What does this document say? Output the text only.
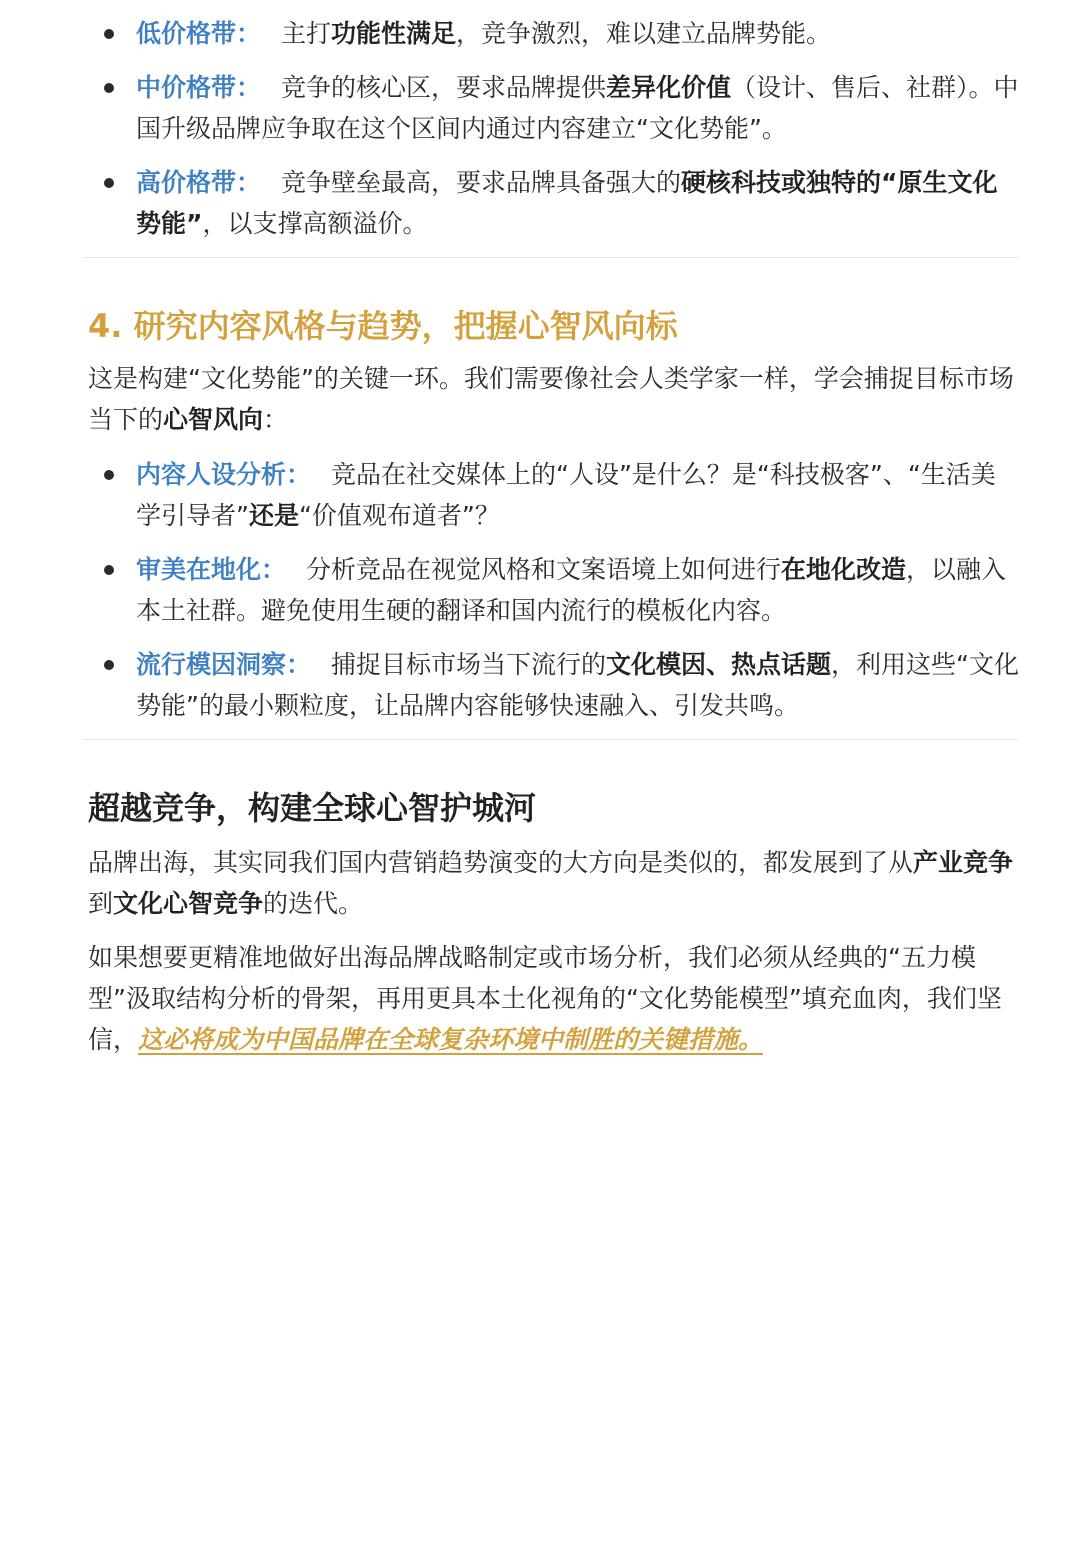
低价格带： 主打功能性满足，竞争激烈，难以建立品牌势能。
中价格带： 竞争的核心区，要求品牌提供差异化价值（设计、售后、社群）。中国升级品牌应争取在这个区间内通过内容建立“文化势能”。
高价格带： 竞争壁垒最高，要求品牌具备强大的硬核科技或独特的“原生文化势能”，以支撑高额溢价。
4. 研究内容风格与趋势，把握心智风向标

这是构建“文化势能”的关键一环。我们需要像社会人类学家一样，学会捕捉目标市场当下的心智风向：

内容人设分析： 竞品在社交媒体上的“人设”是什么？是“科技极客”、“生活美学引导者”还是“价值观布道者”？
审美在地化： 分析竞品在视觉风格和文案语境上如何进行在地化改造，以融入本土社群。避免使用生硬的翻译和国内流行的模板化内容。
流行模因洞察： 捕捉目标市场当下流行的文化模因、热点话题，利用这些“文化势能”的最小颗粒度，让品牌内容能够快速融入、引发共鸣。
超越竞争，构建全球心智护城河

品牌出海，其实同我们国内营销趋势演变的大方向是类似的，都发展到了从产业竞争到文化心智竞争的迭代。

如果想要更精准地做好出海品牌战略制定或市场分析，我们必须从经典的“五力模型”汲取结构分析的骨架，再用更具本土化视角的“文化势能模型”填充血肉，我们坚信，这必将成为中国品牌在全球复杂环境中制胜的关键措施。
